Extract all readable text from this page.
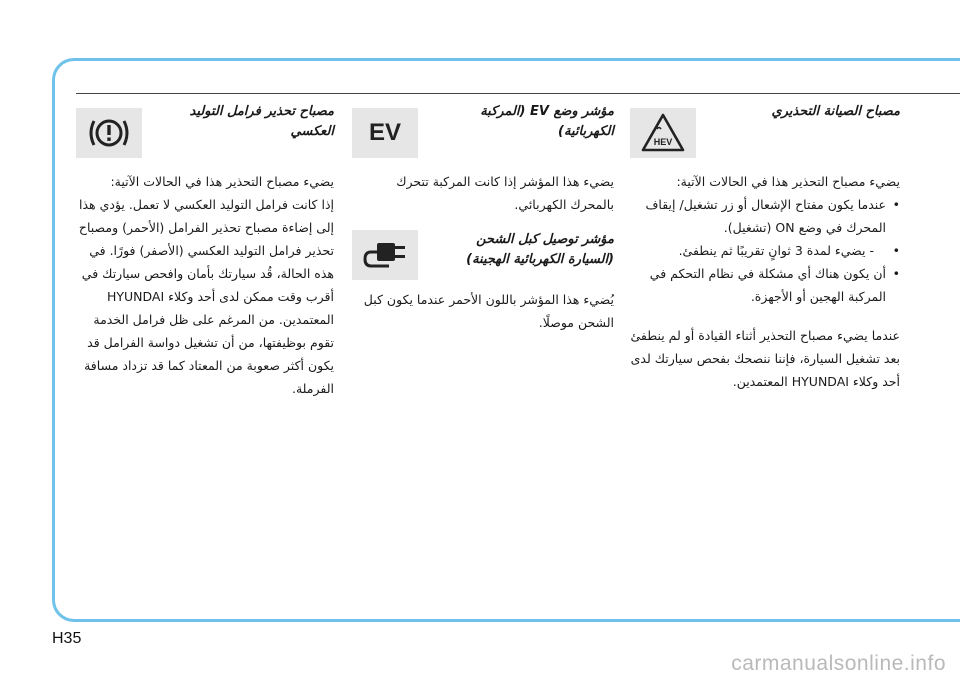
HEV
مصباح الصيانة التحذيري

يضيء مصباح التحذير هذا في الحالات الآتية:

• عندما يكون مفتاح الإشعال أو زر تشغيل/ إيقاف المحرك في وضع ON (تشغيل).
• - يضيء لمدة 3 ثوانٍ تقريبًا ثم ينطفئ.
• أن يكون هناك أي مشكلة في نظام التحكم في المركبة الهجين أو الأجهزة.

عندما يضيء مصباح التحذير أثناء القيادة أو لم ينطفئ بعد تشغيل السيارة، فإننا ننصحك بفحص سيارتك لدى أحد وكلاء HYUNDAI المعتمدين.

EV
مؤشر وضع EV (المركبة الكهربائية)

يضيء هذا المؤشر إذا كانت المركبة تتحرك بالمحرك الكهربائي.

مؤشر توصيل كبل الشحن (السيارة الكهربائية الهجينة)

يُضيء هذا المؤشر باللون الأحمر عندما يكون كبل الشحن موصلًا.

مصباح تحذير فرامل التوليد العكسي

يضيء مصباح التحذير هذا في الحالات الآتية:

إذا كانت فرامل التوليد العكسي لا تعمل. يؤدي هذا إلى إضاءة مصباح تحذير الفرامل (الأحمر) ومصباح تحذير فرامل التوليد العكسي (الأصفر) فورًا. في هذه الحالة، قُد سيارتك بأمان وافحص سيارتك في أقرب وقت ممكن لدى أحد وكلاء HYUNDAI المعتمدين. من المرغم على ظل فرامل الخدمة تقوم بوظيفتها، من أن تشغيل دواسة الفرامل قد يكون أكثر صعوبة من المعتاد كما قد تزداد مسافة الفرملة.

H35
carmanualsonline.info
